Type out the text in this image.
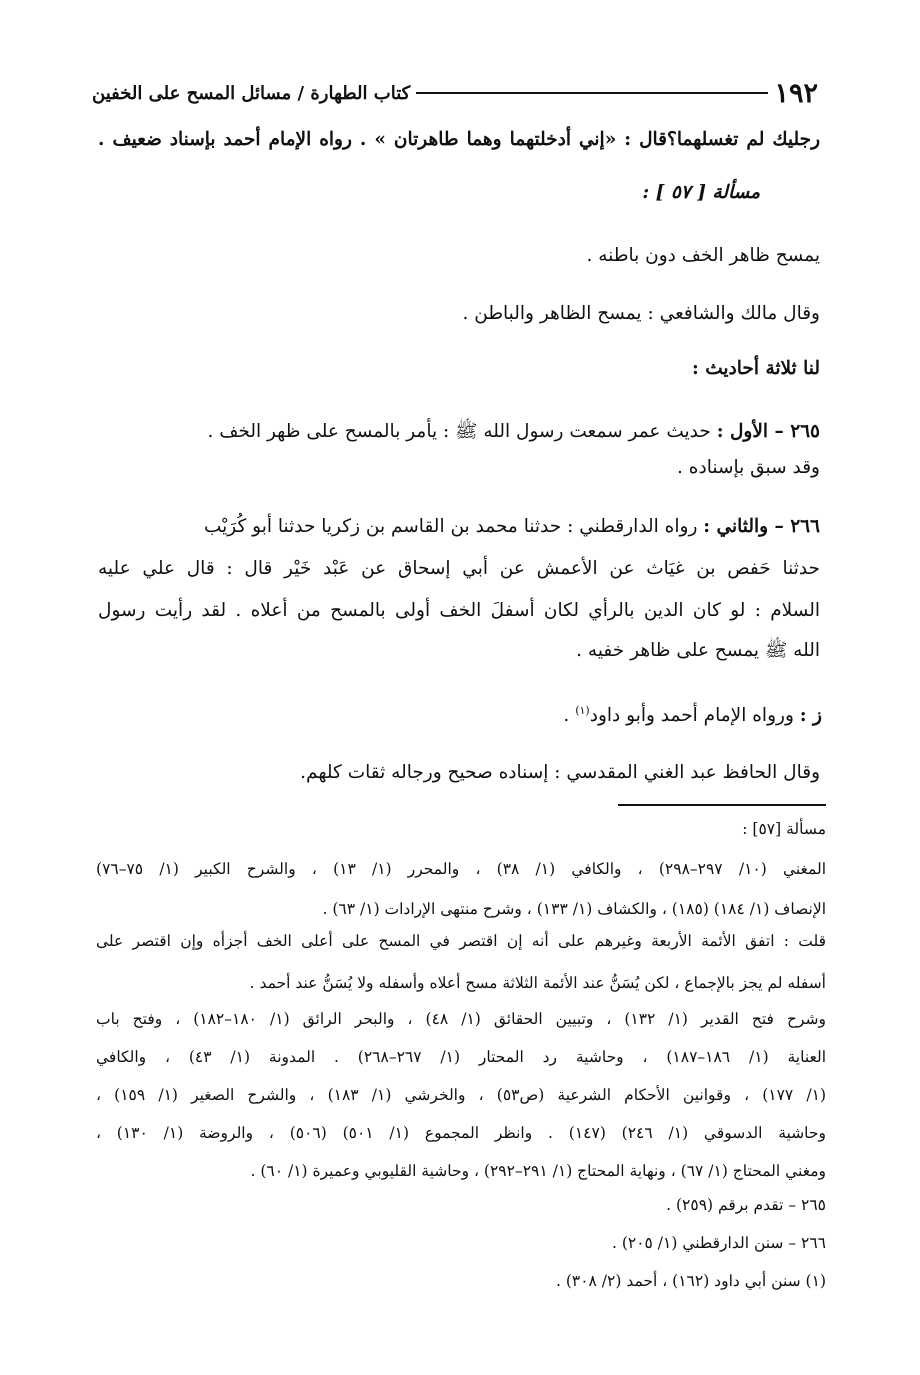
١٩٢
كتاب الطهارة / مسائل المسح على الخفين
رجليك لم تغسلهما؟قال : «إني أدخلتهما وهما طاهرتان » . رواه الإمام أحمد بإسناد ضعيف .
مسألة [ ٥٧ ] :
يمسح ظاهر الخف دون باطنه .
وقال مالك والشافعي : يمسح الظاهر والباطن .
لنا ثلاثة أحاديث :
٢٦٥ – الأول : حديث عمر سمعت رسول الله ﷺ : يأمر بالمسح على ظهر الخف .
وقد سبق بإسناده .
٢٦٦ – والثاني : رواه الدارقطني : حدثنا محمد بن القاسم بن زكريا حدثنا أبو كُرَيْب
حدثنا حَفص بن غيَاث عن الأعمش عن أبي إسحاق عن عَبْد خَيْر قال : قال علي عليه
السلام : لو كان الدين بالرأي لكان أسفلَ الخف أولى بالمسح من أعلاه . لقد رأيت رسول
الله ﷺ يمسح على ظاهر خفيه .
ز : ورواه الإمام أحمد وأبو داود$^{(١)}$ .
وقال الحافظ عبد الغني المقدسي : إسناده صحيح ورجاله ثقات كلهم.
مسألة [٥٧] :
المغني (١٠/ ٢٩٧–٢٩٨) ، والكافي (١/ ٣٨) ، والمحرر (١/ ١٣) ، والشرح الكبير (١/ ٧٥–٧٦)
الإنصاف (١/ ١٨٤) (١٨٥) ، والكشاف (١/ ١٣٣) ، وشرح منتهى الإرادات (١/ ٦٣) .
قلت : اتفق الأئمة الأربعة وغيرهم على أنه إن اقتصر في المسح على أعلى الخف أجزأه وإن اقتصر على
أسفله لم يجز بالإجماع ، لكن يُسَنُّ عند الأئمة الثلاثة مسح أعلاه وأسفله ولا يُسَنُّ عند أحمد .
وشرح فتح القدير (١/ ١٣٢) ، وتبيين الحقائق (١/ ٤٨) ، والبحر الرائق (١/ ١٨٠–١٨٢) ، وفتح باب
العناية (١/ ١٨٦–١٨٧) ، وحاشية رد المحتار (١/ ٢٦٧–٢٦٨) . المدونة (١/ ٤٣) ، والكافي
(١/ ١٧٧) ، وقوانين الأحكام الشرعية (ص٥٣) ، والخرشي (١/ ١٨٣) ، والشرح الصغير (١/ ١٥٩) ،
وحاشية الدسوقي (١/ ٢٤٦) (١٤٧) . وانظر المجموع (١/ ٥٠١) (٥٠٦) ، والروضة (١/ ١٣٠) ،
ومغني المحتاج (١/ ٦٧) ، ونهاية المحتاج (١/ ٢٩١–٢٩٢) ، وحاشية القليوبي وعميرة (١/ ٦٠) .
٢٦٥ – تقدم برقم (٢٥٩) .
٢٦٦ – سنن الدارقطني (١/ ٢٠٥) .
(١) سنن أبي داود (١٦٢) ، أحمد (٢/ ٣٠٨) .
